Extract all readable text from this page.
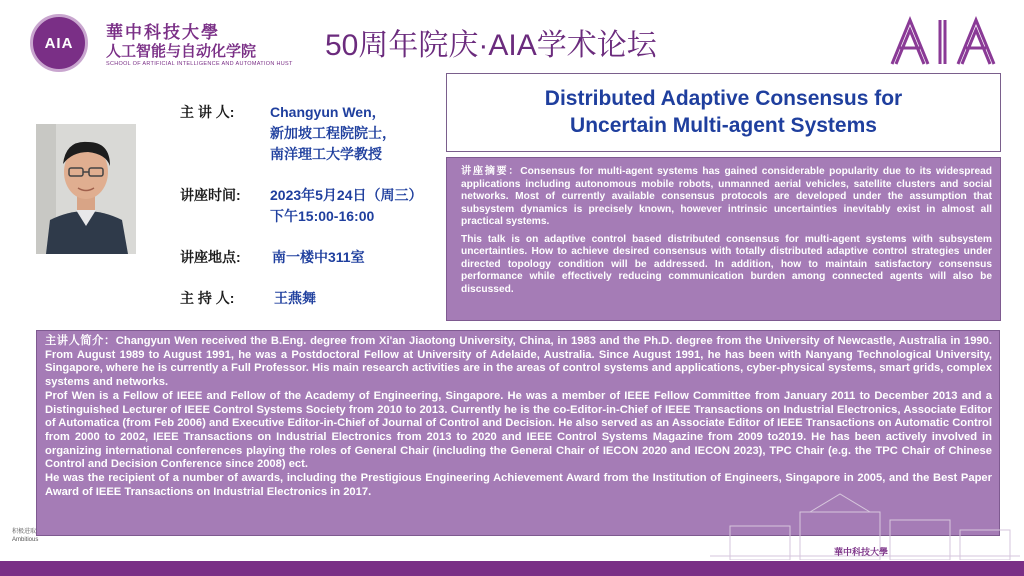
AIA
華中科技大學
人工智能与自动化学院
SCHOOL OF ARTIFICIAL INTELLIGENCE AND AUTOMATION HUST
50周年院庆·AIA学术论坛
AIA
主 讲 人:	Changyun Wen，
新加坡工程院院士，
南洋理工大学教授
讲座时间: 2023年5月24日（周三）
下午15:00-16:00
讲座地点: 南一楼中311室
主 持 人:	王燕舞
Distributed Adaptive Consensus for
Uncertain Multi-agent Systems

讲座摘要：Consensus for multi-agent systems has gained considerable popularity due to its widespread applications including autonomous mobile robots, unmanned aerial vehicles, satellite clusters and social networks. Most of currently available consensus protocols are developed under the assumption that subsystem dynamics is precisely known, however intrinsic uncertainties inevitably exist in almost all practical systems.

This talk is on adaptive control based distributed consensus for multi-agent systems with subsystem uncertainties. How to achieve desired consensus with totally distributed adaptive control strategies under directed topology condition will be addressed. In addition, how to maintain satisfactory consensus performance while effectively reducing communication burden among connected agents will also be discussed.

主讲人简介：Changyun Wen received the B.Eng. degree from Xi'an Jiaotong University, China, in 1983 and the Ph.D. degree from the University of Newcastle, Australia in 1990. From August 1989 to August 1991, he was a Postdoctoral Fellow at University of Adelaide, Australia. Since August 1991, he has been with Nanyang Technological University, Singapore, where he is currently a Full Professor. His main research activities are in the areas of control systems and applications, cyber-physical systems, smart grids, complex systems and networks.

Prof Wen is a Fellow of IEEE and Fellow of the Academy of Engineering, Singapore. He was a member of IEEE Fellow Committee from January 2011 to December 2013 and a Distinguished Lecturer of IEEE Control Systems Society from 2010 to 2013. Currently he is the co-Editor-in-Chief of IEEE Transactions on Industrial Electronics, Associate Editor of Automatica (from Feb 2006) and Executive Editor-in-Chief of Journal of Control and Decision. He also served as an Associate Editor of IEEE Transactions on Automatic Control from 2000 to 2002, IEEE Transactions on Industrial Electronics from 2013 to 2020 and IEEE Control Systems Magazine from 2009 to2019. He has been actively involved in organizing international conferences playing the roles of General Chair (including the General Chair of IECON 2020 and IECON 2023), TPC Chair (e.g. the TPC Chair of Chinese Control and Decision Conference since 2008) ect.

He was the recipient of a number of awards, including the Prestigious Engineering Achievement Award from the Institution of Engineers, Singapore in 2005, and the Best Paper Award of IEEE Transactions on Industrial Electronics in 2017.

积极进取
Ambitious
華中科技大學
